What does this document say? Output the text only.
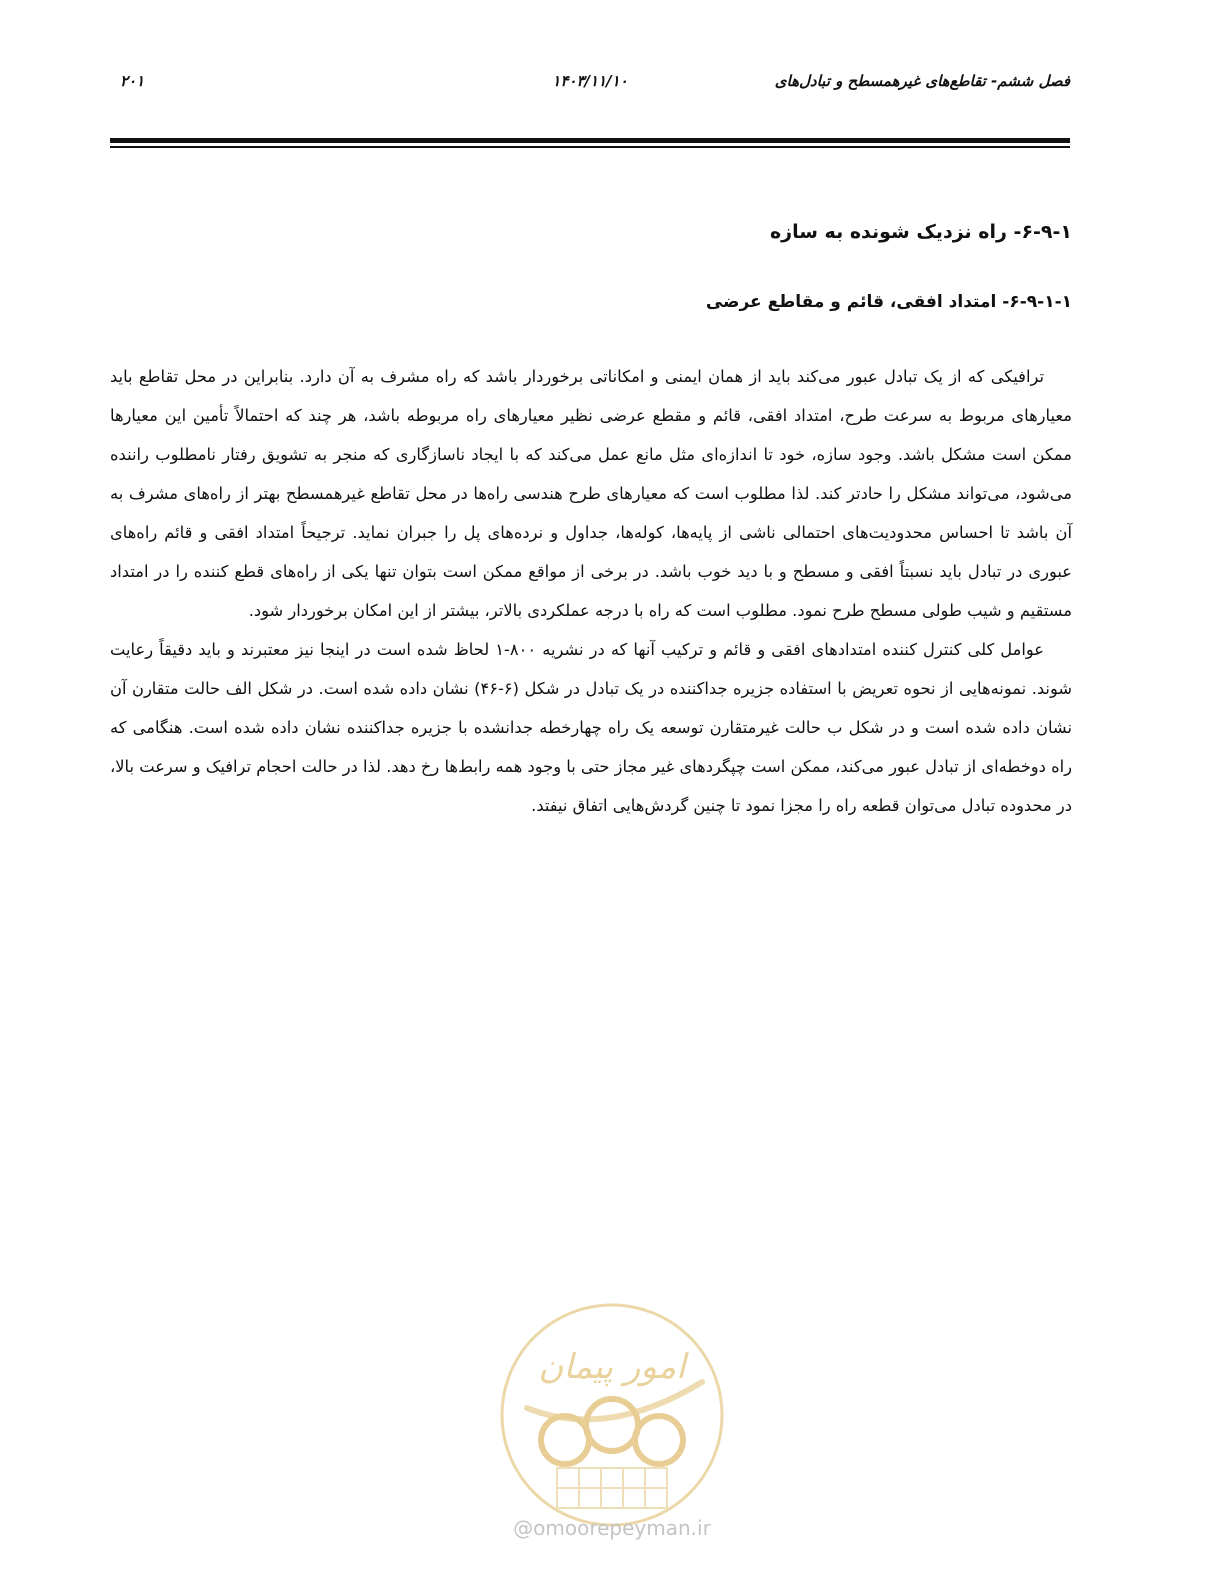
فصل ششم- تقاطع‌های غیرهمسطح و تبادل‌های
۱۴۰۳/۱۱/۱۰
۲۰۱
۶-۹-۱- راه نزدیک شونده به سازه
۶-۹-۱-۱- امتداد افقی، قائم و مقاطع عرضی

ترافیکی که از یک تبادل عبور می‌کند باید از همان ایمنی و امکاناتی برخوردار باشد که راه مشرف به آن دارد. بنابراین در محل تقاطع باید معیارهای مربوط به سرعت طرح، امتداد افقی، قائم و مقطع عرضی نظیر معیارهای راه مربوطه باشد، هر چند که احتمالاً تأمین این معیارها ممکن است مشکل باشد. وجود سازه، خود تا اندازه‌ای مثل مانع عمل می‌کند که با ایجاد ناسازگاری که منجر به تشویق رفتار نامطلوب راننده می‌شود، می‌تواند مشکل را حادتر کند. لذا مطلوب است که معیارهای طرح هندسی راه‌ها در محل تقاطع غیرهمسطح بهتر از راه‌های مشرف به آن باشد تا احساس محدودیت‌های احتمالی ناشی از پایه‌ها، کوله‌ها، جداول و نرده‌های پل را جبران نماید. ترجیحاً امتداد افقی و قائم راه‌های عبوری در تبادل باید نسبتاً افقی و مسطح و با دید خوب باشد. در برخی از مواقع ممکن است بتوان تنها یکی از راه‌های قطع کننده را در امتداد مستقیم و شیب طولی مسطح طرح نمود. مطلوب است که راه با درجه عملکردی بالاتر، بیشتر از این امکان برخوردار شود.

عوامل کلی کنترل کننده امتدادهای افقی و قائم و ترکیب آنها که در نشریه ۸۰۰-۱ لحاظ شده است در اینجا نیز معتبرند و باید دقیقاً رعایت شوند. نمونه‌هایی از نحوه تعریض با استفاده جزیره جداکننده در یک تبادل در شکل (۶-۴۶) نشان داده شده است. در شکل الف حالت متقارن آن نشان داده شده است و در شکل ب حالت غیرمتقارن توسعه یک راه چهارخطه جدانشده با جزیره جداکننده نشان داده شده است. هنگامی که راه دوخطه‌ای از تبادل عبور می‌کند، ممکن است چپگردهای غیر مجاز حتی با وجود همه رابط‌ها رخ دهد. لذا در حالت احجام ترافیک و سرعت بالا، در محدوده تبادل می‌توان قطعه راه را مجزا نمود تا چنین گردش‌هایی اتفاق نیفتد.

امور پیمان
@omoorepeyman.ir
